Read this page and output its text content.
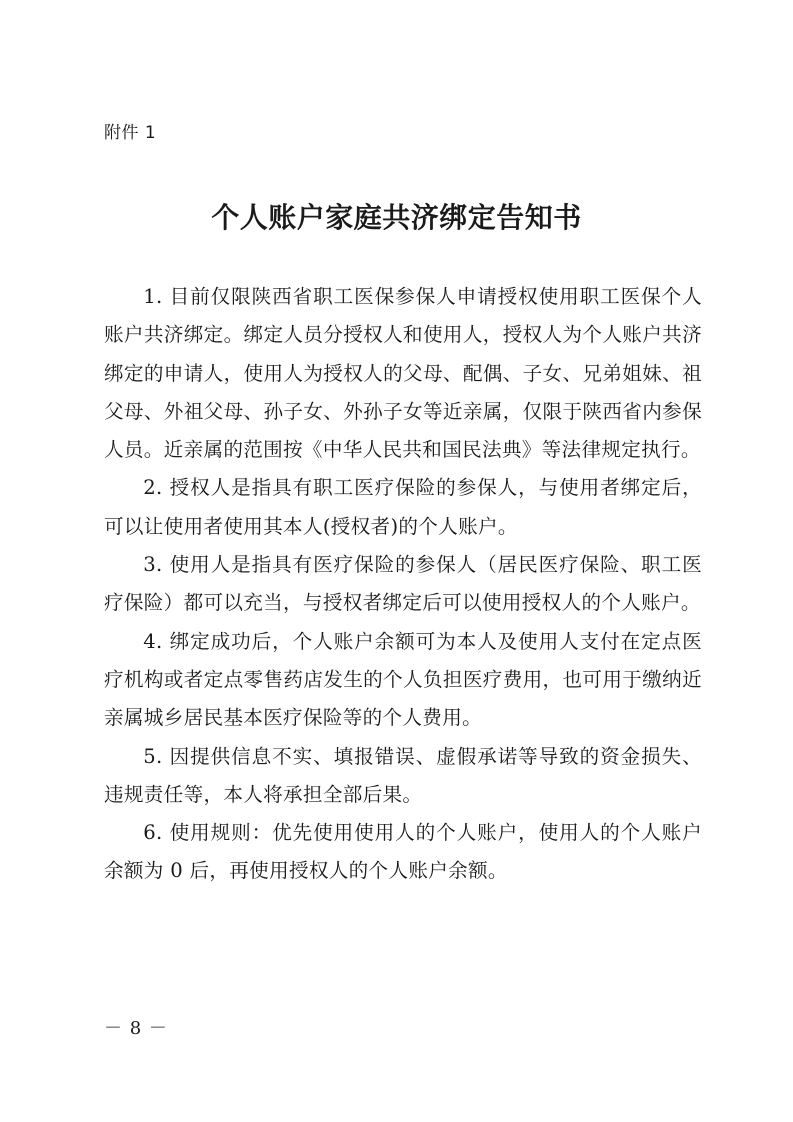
附件 1
个人账户家庭共济绑定告知书

1. 目前仅限陕西省职工医保参保人申请授权使用职工医保个人账户共济绑定。绑定人员分授权人和使用人，授权人为个人账户共济绑定的申请人，使用人为授权人的父母、配偶、子女、兄弟姐妹、祖父母、外祖父母、孙子女、外孙子女等近亲属，仅限于陕西省内参保人员。近亲属的范围按《中华人民共和国民法典》等法律规定执行。

2. 授权人是指具有职工医疗保险的参保人，与使用者绑定后，可以让使用者使用其本人(授权者)的个人账户。

3. 使用人是指具有医疗保险的参保人（居民医疗保险、职工医疗保险）都可以充当，与授权者绑定后可以使用授权人的个人账户。

4. 绑定成功后，个人账户余额可为本人及使用人支付在定点医疗机构或者定点零售药店发生的个人负担医疗费用，也可用于缴纳近亲属城乡居民基本医疗保险等的个人费用。

5. 因提供信息不实、填报错误、虚假承诺等导致的资金损失、违规责任等，本人将承担全部后果。

6. 使用规则：优先使用使用人的个人账户，使用人的个人账户余额为 0 后，再使用授权人的个人账户余额。

－ 8 －
